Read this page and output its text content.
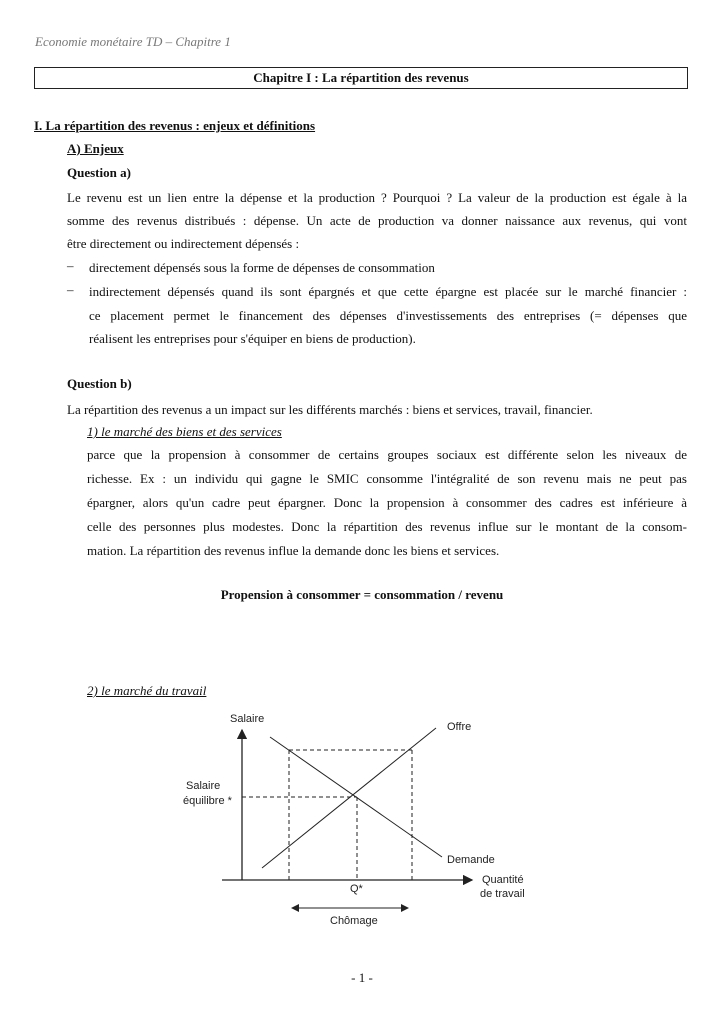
Economie monétaire TD – Chapitre 1
Chapitre I : La répartition des revenus
I. La répartition des revenus : enjeux et définitions
A) Enjeux
Question a)
Le revenu est un lien entre la dépense et la production ? Pourquoi ? La valeur de la production est égale à la
somme des revenus distribués : dépense. Un acte de production va donner naissance aux revenus, qui vont
être directement ou indirectement dépensés :
– directement dépensés sous la forme de dépenses de consommation
– indirectement dépensés quand ils sont épargnés et que cette épargne est placée sur le marché financier :
ce placement permet le financement des dépenses d'investissements des entreprises (= dépenses que
réalisent les entreprises pour s'équiper en biens de production).
Question b)
La répartition des revenus a un impact sur les différents marchés : biens et services, travail, financier.
1) le marché des biens et des services
parce que la propension à consommer de certains groupes sociaux est différente selon les niveaux de
richesse. Ex : un individu qui gagne le SMIC consomme l'intégralité de son revenu mais ne peut pas
épargner, alors qu'un cadre peut épargner. Donc la propension à consommer des cadres est inférieure à
celle des personnes plus modestes. Donc la répartition des revenus influe sur le montant de la consom-
mation. La répartition des revenus influe la demande donc les biens et services.
Propension à consommer = consommation / revenu
2) le marché du travail
Salaire
Offre
Demande
Salaire
équilibre *
Q*
Quantité
de travail
Chômage
- 1 -
